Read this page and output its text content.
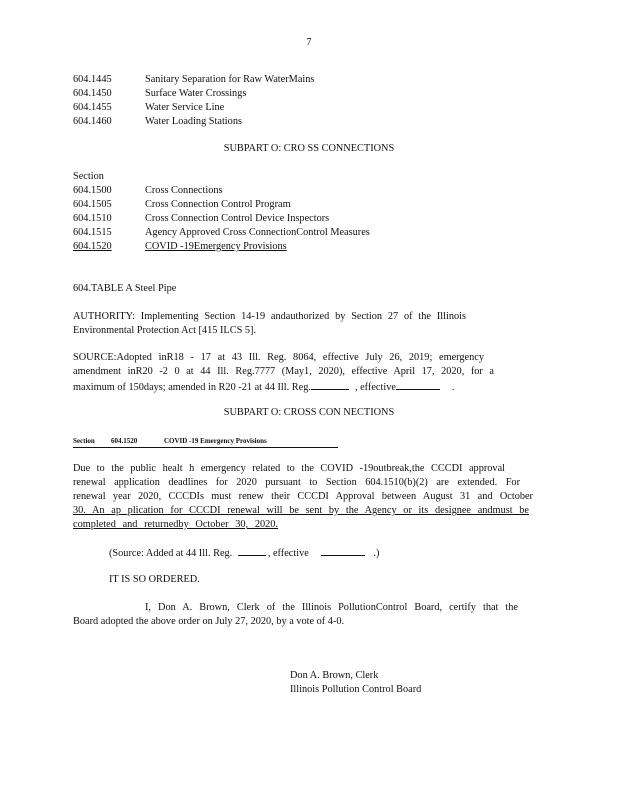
7
604.1445	Sanitary Separation for Raw WaterMains
604.1450	Surface Water Crossings
604.1455	Water Service Line
604.1460	Water Loading Stations
SUBPART O: CRO SS CONNECTIONS
Section
604.1500	Cross Connections
604.1505	Cross Connection Control Program
604.1510	Cross Connection Control Device Inspectors
604.1515	Agency Approved Cross ConnectionControl Measures
604.1520	COVID -19Emergency Provisions
604.TABLE A Steel Pipe
AUTHORITY: Implementing Section 14-19 andauthorized by Section 27 of the Illinois
Environmental Protection Act [415 ILCS 5].
SOURCE:Adopted inR18 - 17 at 43 Ill. Reg. 8064, effective July 26, 2019; emergency
amendment inR20 -2 0 at 44 Ill. Reg.7777 (May1, 2020), effective April 17, 2020, for a
maximum of 150days; amended in R20 -21 at 44 Ill. Reg.	, effective	.
SUBPART O: CROSS CON NECTIONS
Section 604.1520	COVID -19 Emergency Provisions
Due to the public healt h emergency related to the COVID -19outbreak,the CCCDI approval
renewal application deadlines for 2020 pursuant to Section 604.1510(b)(2) are extended. For
renewal year 2020, CCCDIs must renew their CCCDI Approval between August 31 and October
30. An ap plication for CCCDI renewal will be sent by the Agency or its designee andmust be
completed and returnedby October 30, 2020.
(Source: Added at 44 Ill. Reg.	, effective	.)
IT IS SO ORDERED.
I, Don A. Brown, Clerk of the Illinois PollutionControl Board, certify that the
Board adopted the above order on July 27, 2020, by a vote of 4-0.
Don A. Brown, Clerk
Illinois Pollution Control Board
